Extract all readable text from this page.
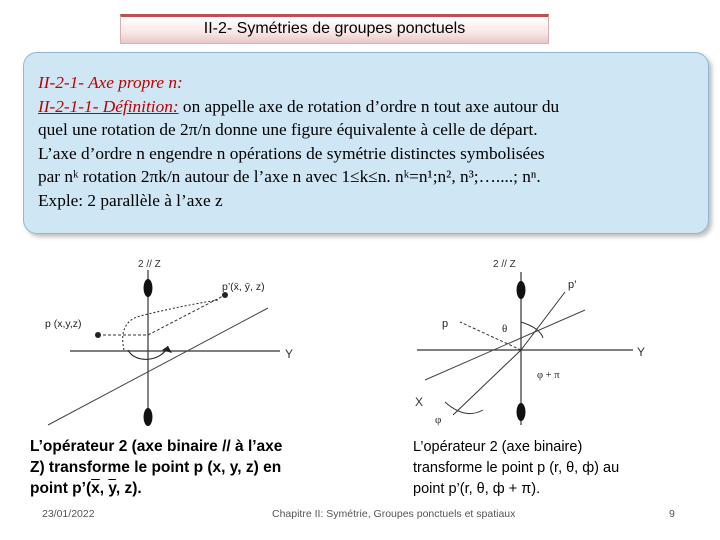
II-2- Symétries de groupes ponctuels
II-2-1- Axe propre n:
II-2-1-1- Définition: on appelle axe de rotation d’ordre n tout axe autour du
quel une rotation de 2π/n donne une figure équivalente à celle de départ.
L’axe d’ordre n engendre n opérations de symétrie distinctes symbolisées
par nᵏ rotation 2πk/n autour de l’axe n avec 1≤k≤n. nᵏ=n¹;n², n³;…....; nⁿ.
Exple: 2 parallèle à l’axe z
2 // Z
Y
p (x,y,z)
p’(x̄, ȳ, z)
2 // Z
Y
X
p
p’
θ
φ
φ + π
L’opérateur 2 (axe binaire // à l’axe
Z) transforme le point p (x, y, z) en
point $p’(\overline{x}$, $\overline{y}$, z).
L’opérateur 2 (axe binaire)
transforme le point p (r, θ, ф) au
point p’(r, θ, ф + π).
23/01/2022	Chapitre II: Symétrie, Groupes ponctuels et spatiaux	9
